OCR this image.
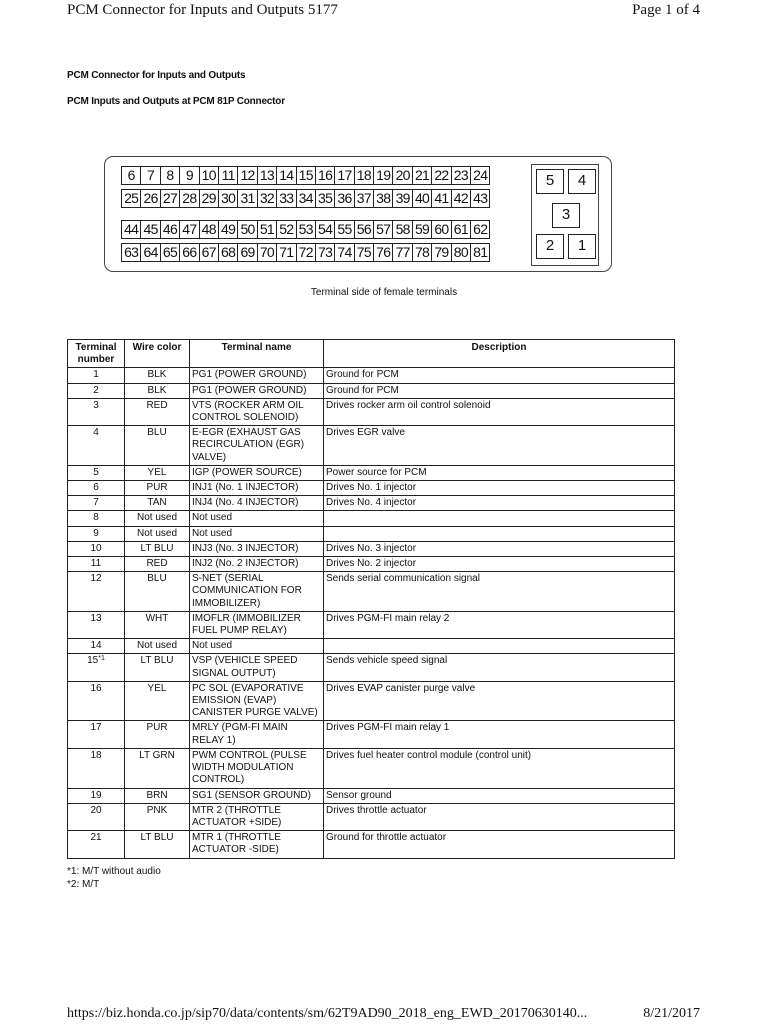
PCM Connector for Inputs and Outputs 5177	Page 1 of 4
PCM Connector for Inputs and Outputs
PCM Inputs and Outputs at PCM 81P Connector
6 7 8 9 10 11 12 13 14 15 16 17 18 19 20 21 22 23 24
25 26 27 28 29 30 31 32 33 34 35 36 37 38 39 40 41 42 43
44 45 46 47 48 49 50 51 52 53 54 55 56 57 58 59 60 61 62
63 64 65 66 67 68 69 70 71 72 73 74 75 76 77 78 79 80 81
5	4
3
2	1
Terminal side of female terminals
Terminal number	Wire color	Terminal name	Description
1	BLK	PG1 (POWER GROUND)	Ground for PCM
2	BLK	PG1 (POWER GROUND)	Ground for PCM
3	RED	VTS (ROCKER ARM OIL CONTROL SOLENOID)	Drives rocker arm oil control solenoid
4	BLU	E-EGR (EXHAUST GAS RECIRCULATION (EGR) VALVE)	Drives EGR valve
5	YEL	IGP (POWER SOURCE)	Power source for PCM
6	PUR	INJ1 (No. 1 INJECTOR)	Drives No. 1 injector
7	TAN	INJ4 (No. 4 INJECTOR)	Drives No. 4 injector
8	Not used	Not used	
9	Not used	Not used	
10	LT BLU	INJ3 (No. 3 INJECTOR)	Drives No. 3 injector
11	RED	INJ2 (No. 2 INJECTOR)	Drives No. 2 injector
12	BLU	S-NET (SERIAL COMMUNICATION FOR IMMOBILIZER)	Sends serial communication signal
13	WHT	IMOFLR (IMMOBILIZER FUEL PUMP RELAY)	Drives PGM-FI main relay 2
14	Not used	Not used	
15$^{*1}$	LT BLU	VSP (VEHICLE SPEED SIGNAL OUTPUT)	Sends vehicle speed signal
16	YEL	PC SOL (EVAPORATIVE EMISSION (EVAP) CANISTER PURGE VALVE)	Drives EVAP canister purge valve
17	PUR	MRLY (PGM-FI MAIN RELAY 1)	Drives PGM-FI main relay 1
18	LT GRN	PWM CONTROL (PULSE WIDTH MODULATION CONTROL)	Drives fuel heater control module (control unit)
19	BRN	SG1 (SENSOR GROUND)	Sensor ground
20	PNK	MTR 2 (THROTTLE ACTUATOR +SIDE)	Drives throttle actuator
21	LT BLU	MTR 1 (THROTTLE ACTUATOR -SIDE)	Ground for throttle actuator
*1: M/T without audio
*2: M/T
https://biz.honda.co.jp/sip70/data/contents/sm/62T9AD90_2018_eng_EWD_20170630140...	8/21/2017
